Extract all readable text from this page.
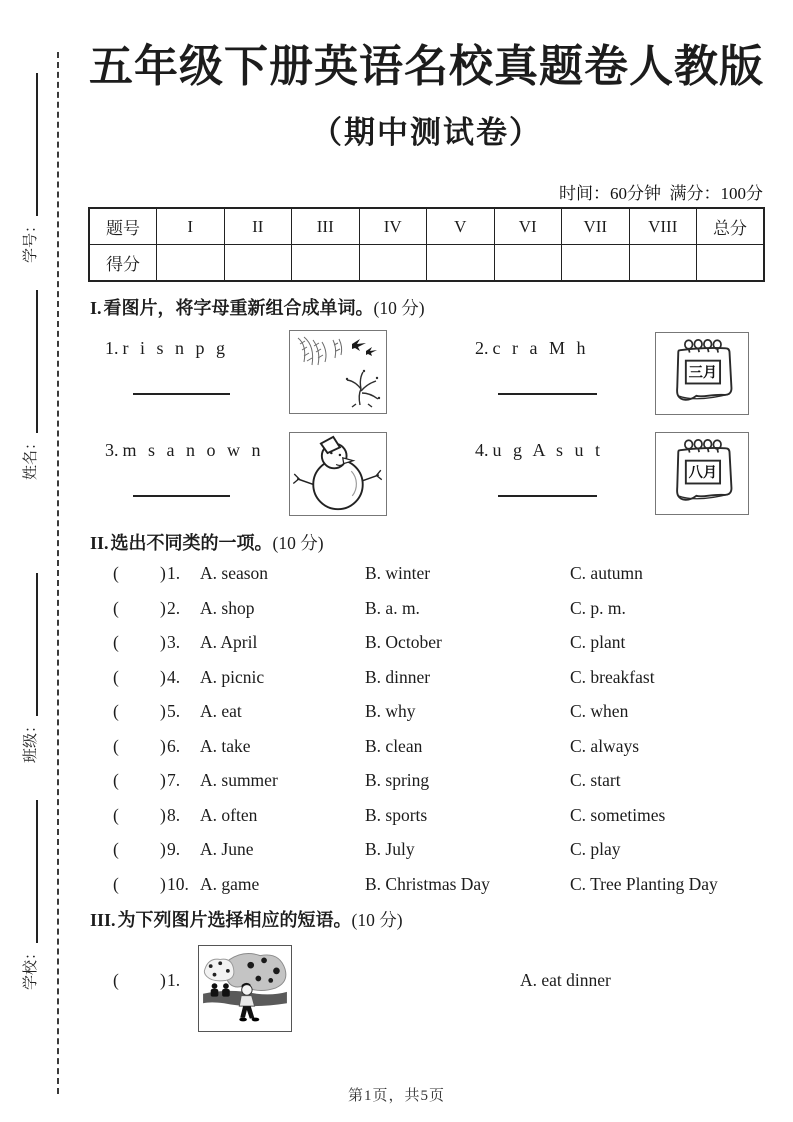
学号：
姓名：
班级：
学校：
五年级下册英语名校真题卷人教版
（期中测试卷）
时间：60分钟  满分：100分
题号	I	II	III	IV	V	VI	VII	VIII	总分
得分									
I. 看图片，将字母重新组合成单词。(10 分)
1. r i s n p g	2. c r a M h
三月
3. m s a n o w n	4. u g A s u t
八月
II. 选出不同类的一项。(10 分)
( ) 1. A. season	B. winter	C. autumn
( ) 2. A. shop	B. a. m.	C. p. m.
( ) 3. A. April	B. October	C. plant
( ) 4. A. picnic	B. dinner	C. breakfast
( ) 5. A. eat	B. why	C. when
( ) 6. A. take	B. clean	C. always
( ) 7. A. summer	B. spring	C. start
( ) 8. A. often	B. sports	C. sometimes
( ) 9. A. June	B. July	C. play
( ) 10. A. game	B. Christmas Day	C. Tree Planting Day
III. 为下列图片选择相应的短语。(10 分)
( ) 1.	A. eat dinner
第1页，共5页
